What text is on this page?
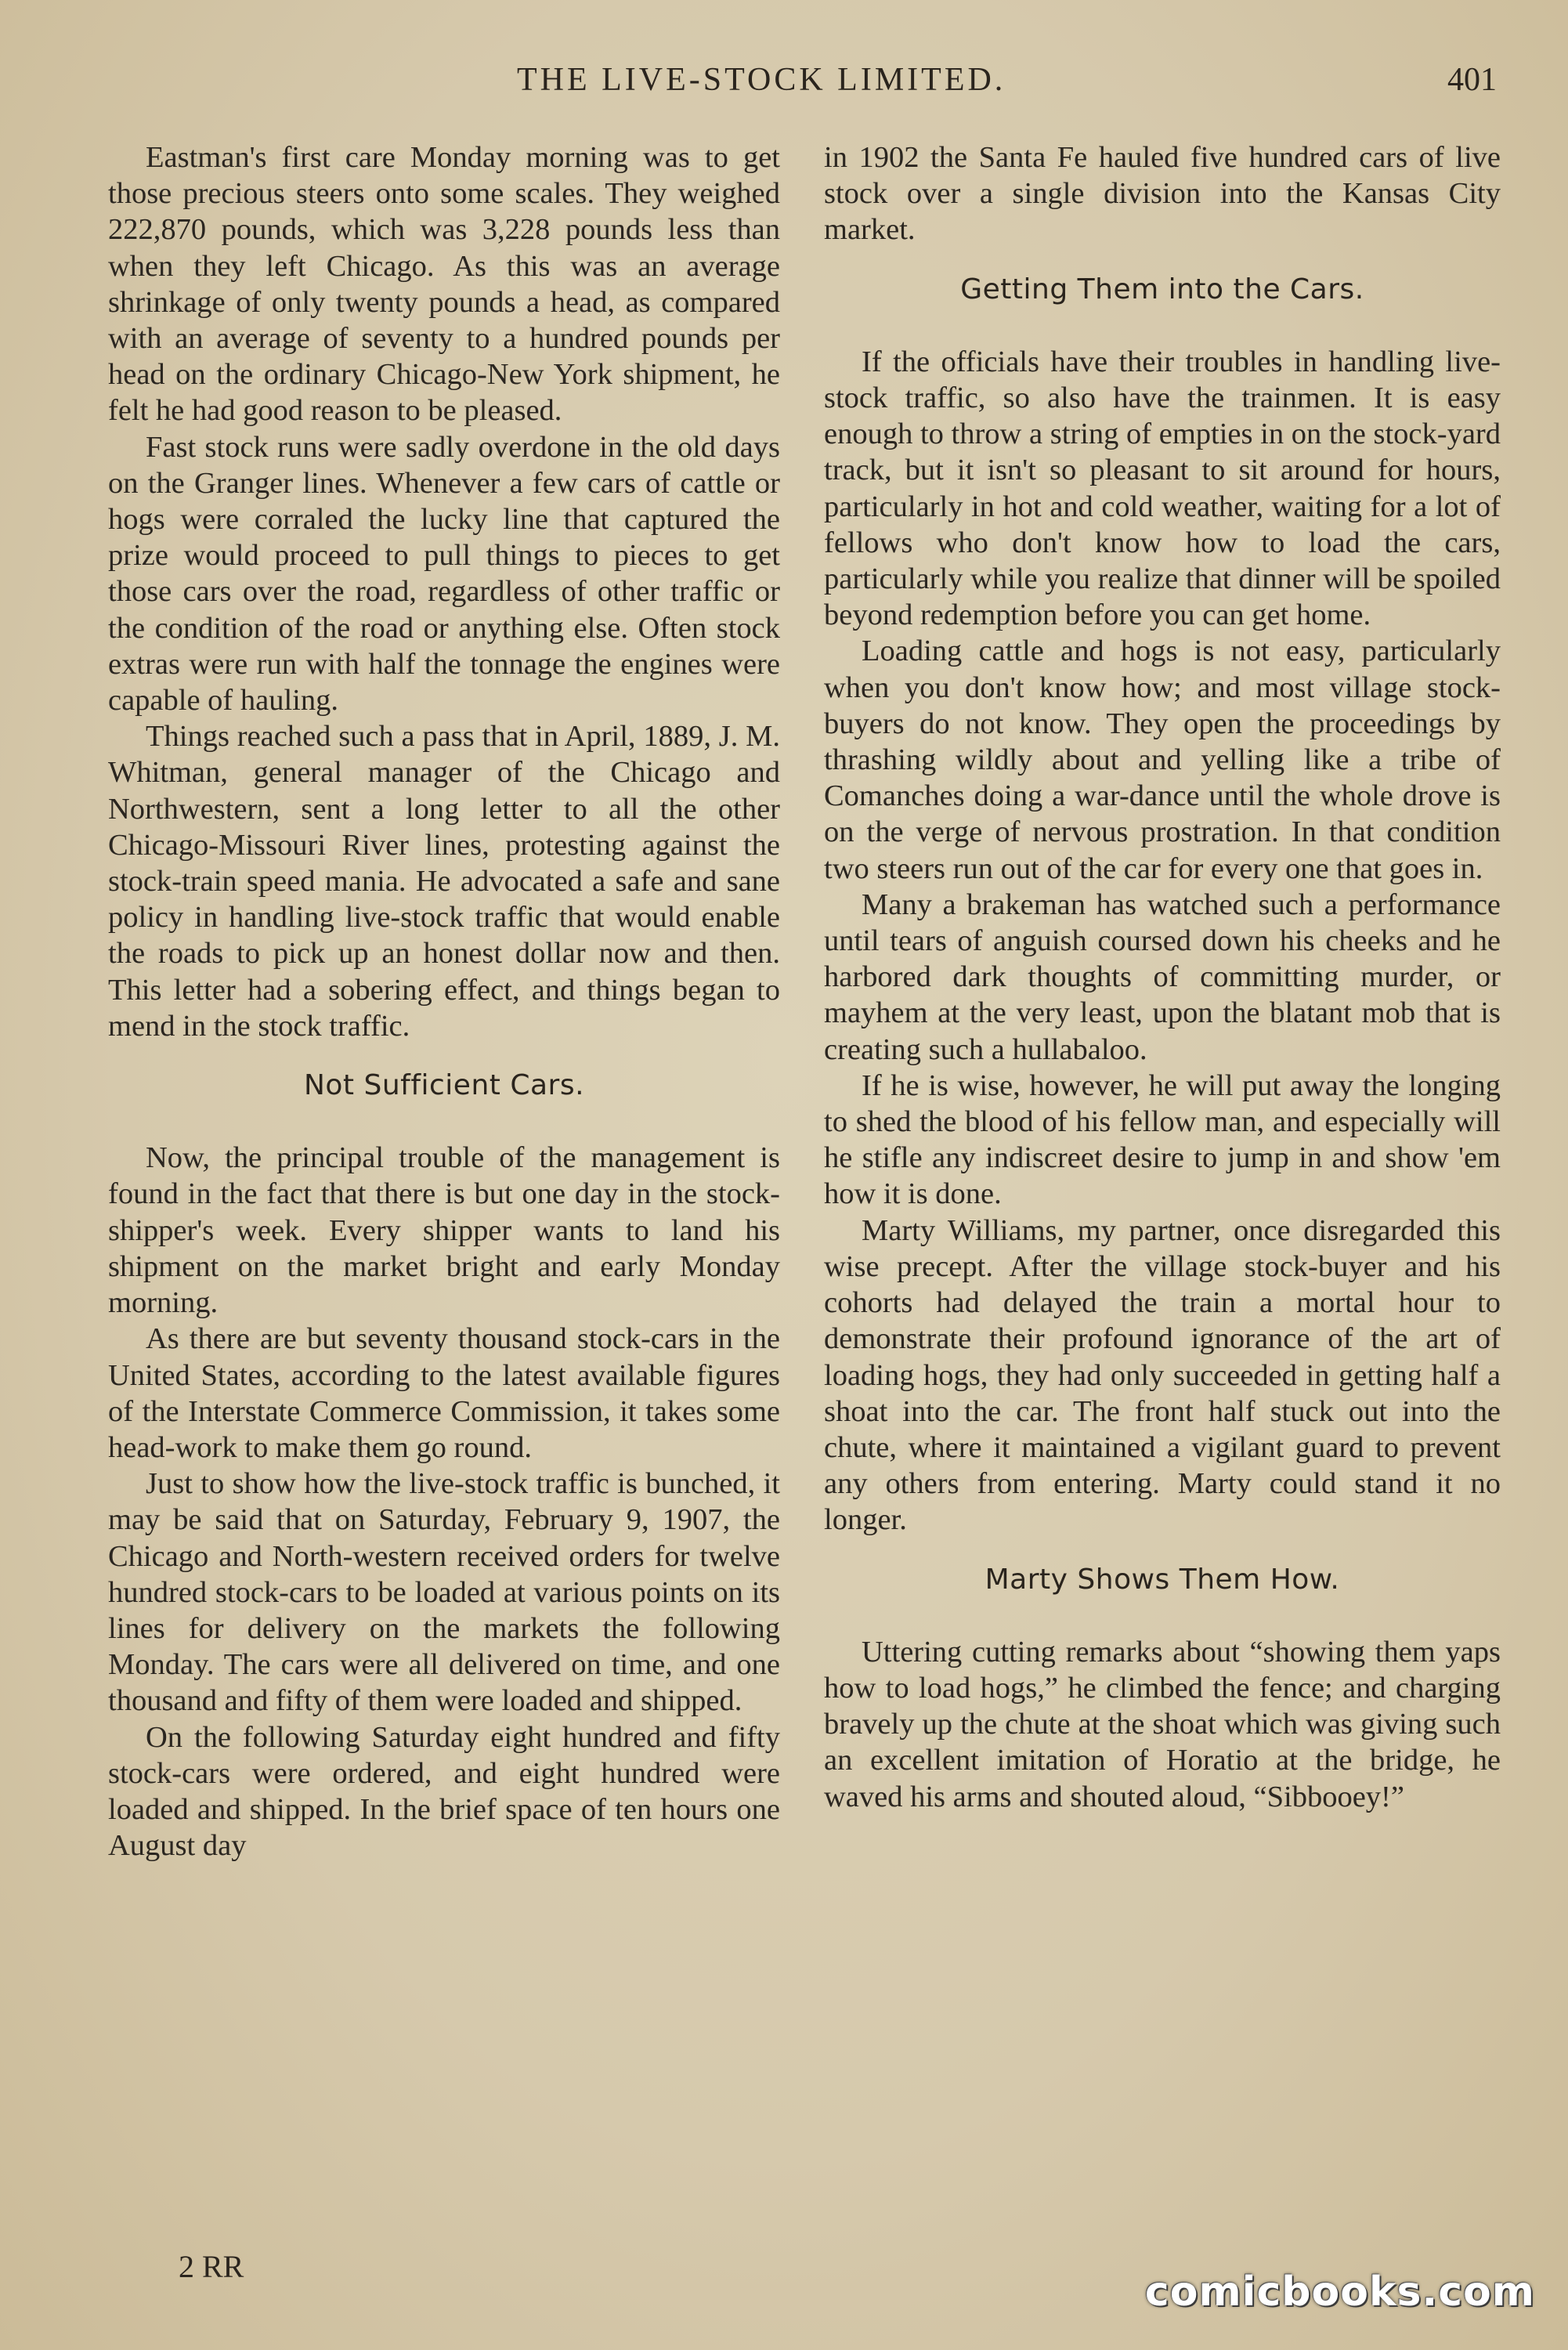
THE LIVE-STOCK LIMITED.	401

Eastman's first care Monday morning was to get those precious steers onto some scales. They weighed 222,870 pounds, which was 3,228 pounds less than when they left Chicago. As this was an average shrinkage of only twenty pounds a head, as compared with an average of seventy to a hundred pounds per head on the ordinary Chicago-New York shipment, he felt he had good reason to be pleased.

Fast stock runs were sadly overdone in the old days on the Granger lines. Whenever a few cars of cattle or hogs were corraled the lucky line that captured the prize would proceed to pull things to pieces to get those cars over the road, regardless of other traffic or the condition of the road or anything else. Often stock extras were run with half the tonnage the engines were capable of hauling.

Things reached such a pass that in April, 1889, J. M. Whitman, general manager of the Chicago and Northwestern, sent a long letter to all the other Chicago-Missouri River lines, protesting against the stock-train speed mania. He advocated a safe and sane policy in handling live-stock traffic that would enable the roads to pick up an honest dollar now and then. This letter had a sobering effect, and things began to mend in the stock traffic.

Not Sufficient Cars.

Now, the principal trouble of the management is found in the fact that there is but one day in the stock-shipper's week. Every shipper wants to land his shipment on the market bright and early Monday morning.

As there are but seventy thousand stock-cars in the United States, according to the latest available figures of the Interstate Commerce Commission, it takes some head-work to make them go round.

Just to show how the live-stock traffic is bunched, it may be said that on Saturday, February 9, 1907, the Chicago and North-western received orders for twelve hundred stock-cars to be loaded at various points on its lines for delivery on the markets the following Monday. The cars were all delivered on time, and one thousand and fifty of them were loaded and shipped.

On the following Saturday eight hundred and fifty stock-cars were ordered, and eight hundred were loaded and shipped. In the brief space of ten hours one August day

in 1902 the Santa Fe hauled five hundred cars of live stock over a single division into the Kansas City market.

Getting Them into the Cars.

If the officials have their troubles in handling live-stock traffic, so also have the trainmen. It is easy enough to throw a string of empties in on the stock-yard track, but it isn't so pleasant to sit around for hours, particularly in hot and cold weather, waiting for a lot of fellows who don't know how to load the cars, particularly while you realize that dinner will be spoiled beyond redemption before you can get home.

Loading cattle and hogs is not easy, particularly when you don't know how; and most village stock-buyers do not know. They open the proceedings by thrashing wildly about and yelling like a tribe of Comanches doing a war-dance until the whole drove is on the verge of nervous prostration. In that condition two steers run out of the car for every one that goes in.

Many a brakeman has watched such a performance until tears of anguish coursed down his cheeks and he harbored dark thoughts of committing murder, or mayhem at the very least, upon the blatant mob that is creating such a hullabaloo.

If he is wise, however, he will put away the longing to shed the blood of his fellow man, and especially will he stifle any indiscreet desire to jump in and show 'em how it is done.

Marty Williams, my partner, once disregarded this wise precept. After the village stock-buyer and his cohorts had delayed the train a mortal hour to demonstrate their profound ignorance of the art of loading hogs, they had only succeeded in getting half a shoat into the car. The front half stuck out into the chute, where it maintained a vigilant guard to prevent any others from entering. Marty could stand it no longer.

Marty Shows Them How.

Uttering cutting remarks about “showing them yaps how to load hogs,” he climbed the fence; and charging bravely up the chute at the shoat which was giving such an excellent imitation of Horatio at the bridge, he waved his arms and shouted aloud, “Sibbooey!”

2 RR
comicbooks.com
